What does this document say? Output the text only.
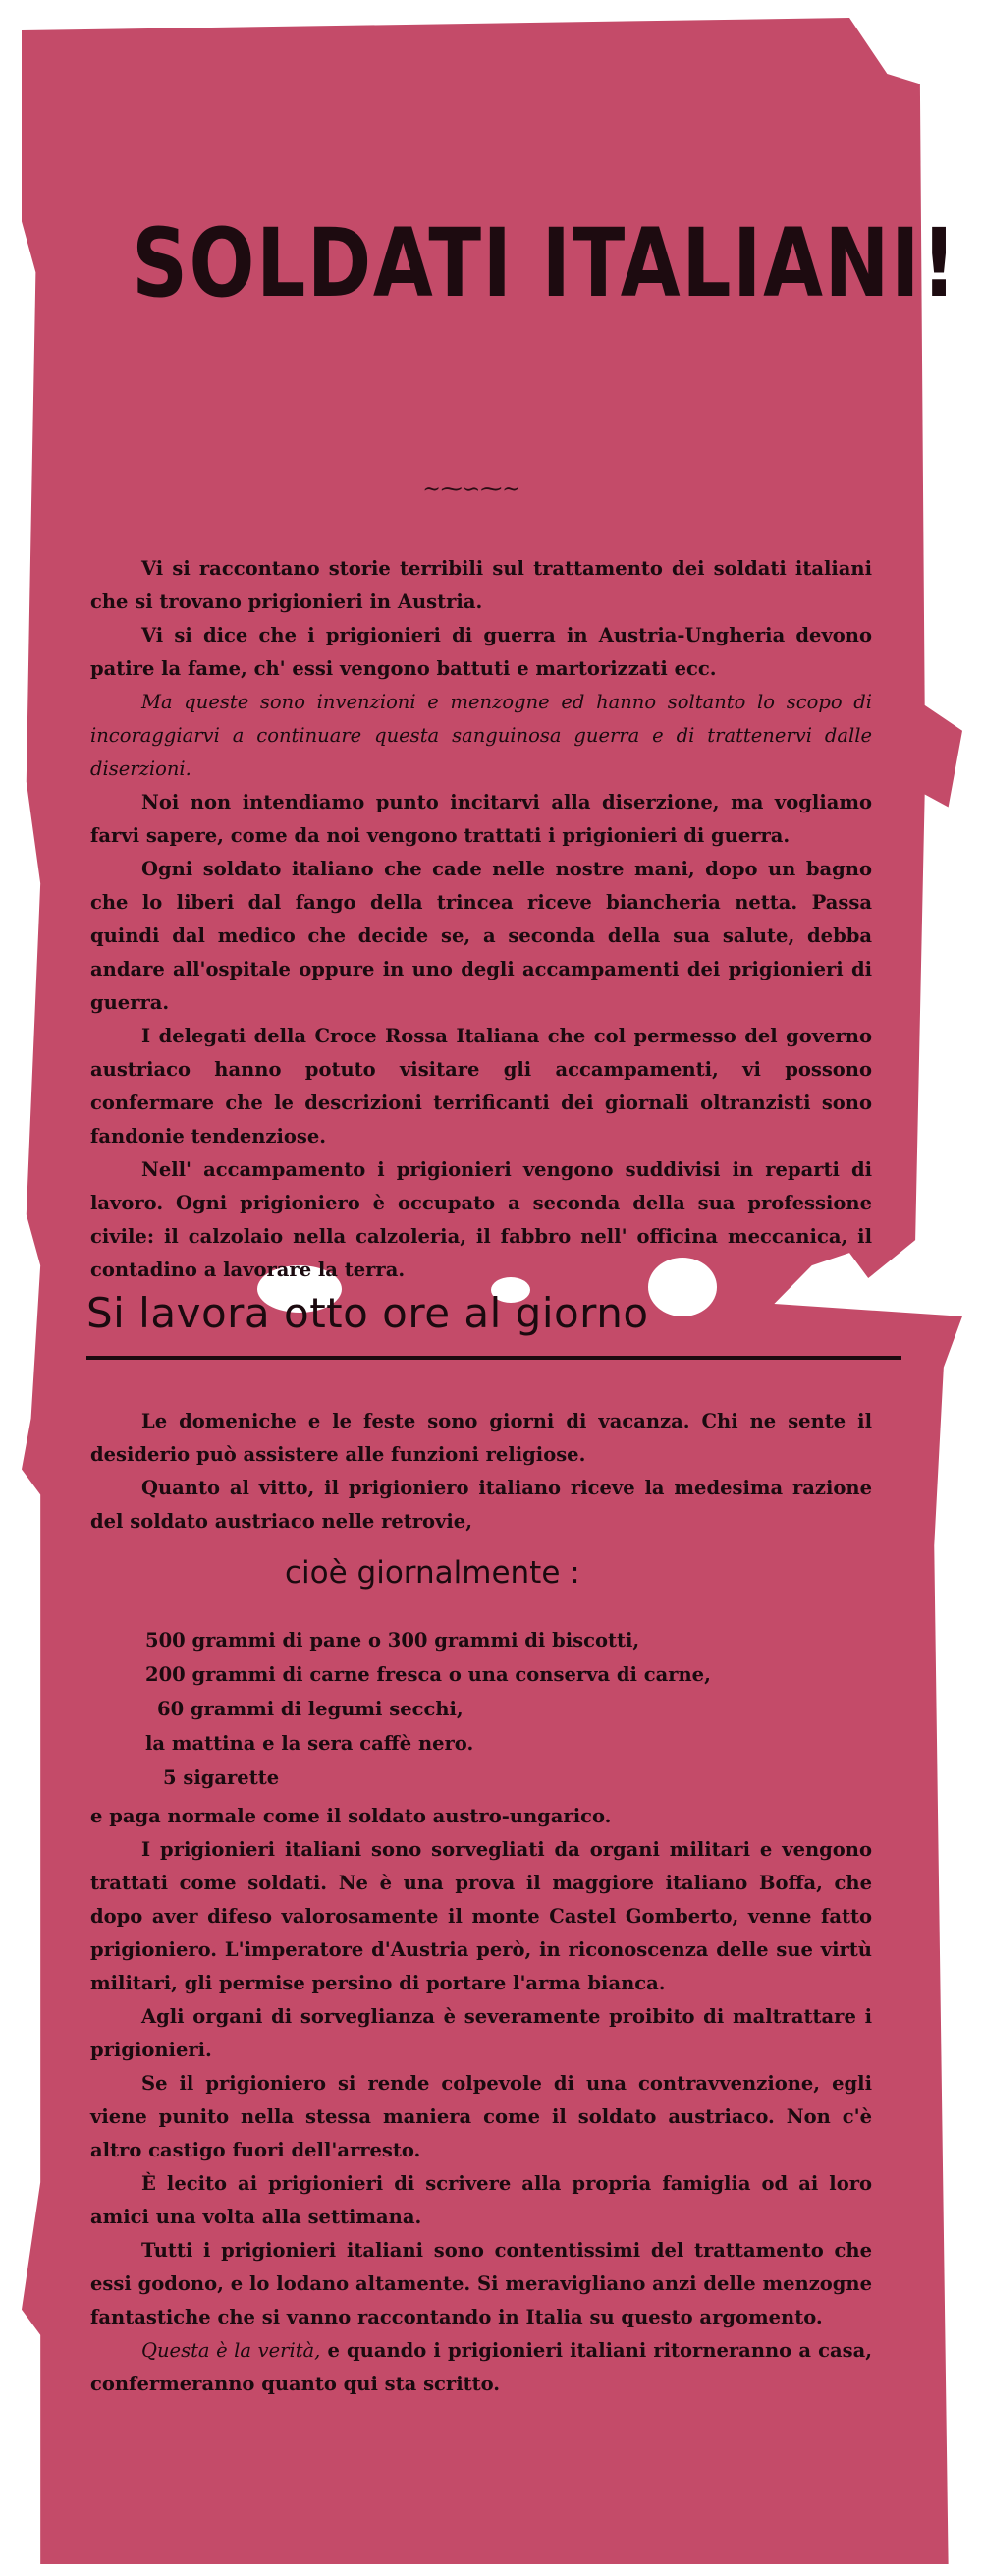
SOLDATI ITALIANI!
~⁓∽⁓~

Vi si raccontano storie terribili sul trattamento dei soldati italiani che si trovano prigionieri in Austria.

Vi si dice che i prigionieri di guerra in Austria-Ungheria devono patire la fame, ch' essi vengono battuti e martorizzati ecc.

Ma queste sono invenzioni e menzogne ed hanno soltanto lo scopo di incoraggiarvi a continuare questa sanguinosa guerra e di trattenervi dalle diserzioni.

Noi non intendiamo punto incitarvi alla diserzione, ma vogliamo farvi sapere, come da noi vengono trattati i prigionieri di guerra.

Ogni soldato italiano che cade nelle nostre mani, dopo un bagno che lo liberi dal fango della trincea riceve biancheria netta. Passa quindi dal medico che decide se, a seconda della sua salute, debba andare all'ospitale oppure in uno degli accampamenti dei prigionieri di guerra.

I delegati della Croce Rossa Italiana che col permesso del governo austriaco hanno potuto visitare gli accampamenti, vi possono confermare che le descrizioni terrificanti dei giornali oltranzisti sono fandonie tendenziose.

Nell' accampamento i prigionieri vengono suddivisi in reparti di lavoro. Ogni prigioniero è occupato a seconda della sua professione civile: il calzolaio nella calzoleria, il fabbro nell' officina meccanica, il contadino a lavorare la terra.

Si lavora otto ore al giorno

Le domeniche e le feste sono giorni di vacanza. Chi ne sente il desiderio può assistere alle funzioni religiose.

Quanto al vitto, il prigioniero italiano riceve la medesima razione del soldato austriaco nelle retrovie,

cioè giornalmente :
500 grammi di pane o 300 grammi di biscotti,
200 grammi di carne fresca o una conserva di carne,
60 grammi di legumi secchi,
la mattina e la sera caffè nero.
5 sigarette

e paga normale come il soldato austro-ungarico.

I prigionieri italiani sono sorvegliati da organi militari e vengono trattati come soldati. Ne è una prova il maggiore italiano Boffa, che dopo aver difeso valorosamente il monte Castel Gomberto, venne fatto prigioniero. L'imperatore d'Austria però, in riconoscenza delle sue virtù militari, gli permise persino di portare l'arma bianca.

Agli organi di sorveglianza è severamente proibito di maltrattare i prigionieri.

Se il prigioniero si rende colpevole di una contravvenzione, egli viene punito nella stessa maniera come il soldato austriaco. Non c'è altro castigo fuori dell'arresto.

È lecito ai prigionieri di scrivere alla propria famiglia od ai loro amici una volta alla settimana.

Tutti i prigionieri italiani sono contentissimi del trattamento che essi godono, e lo lodano altamente. Si meravigliano anzi delle menzogne fantastiche che si vanno raccontando in Italia su questo argomento.

Questa è la verità, e quando i prigionieri italiani ritorneranno a casa, confermeranno quanto qui sta scritto.
